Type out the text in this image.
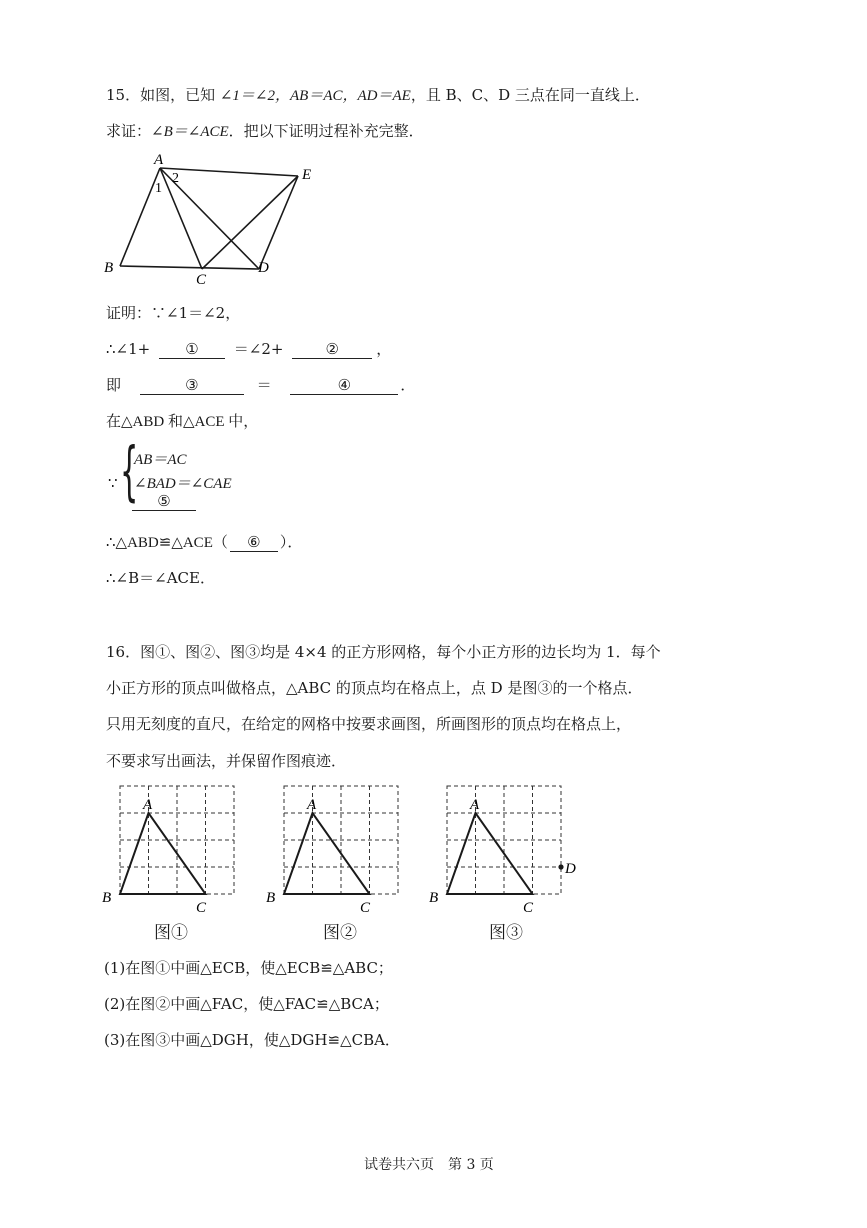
15．如图，已知 ∠1＝∠2，AB＝AC，AD＝AE，且 B、C、D 三点在同一直线上．
求证：∠B＝∠ACE．把以下证明过程补充完整．
A
B
C
D
E
1
2
证明：∵∠1＝∠2，
∴∠1+ ① ＝∠2+	② ，
即	③	＝	④	．
在△ABD 和△ACE 中，
∵ {
AB＝AC
∠BAD＝∠CAE
⑤
∴△ABD≌△ACE（ ⑥ ）．
∴∠B＝∠ACE．
16．图①、图②、图③均是 4×4 的正方形网格，每个小正方形的边长均为 1．每个
小正方形的顶点叫做格点，△ABC 的顶点均在格点上，点 D 是图③的一个格点．
只用无刻度的直尺，在给定的网格中按要求画图，所画图形的顶点均在格点上，
不要求写出画法，并保留作图痕迹．
A
B
C
图①
A
B
C
图②
A
B
C
D
图③
(1)在图①中画△ECB，使△ECB≌△ABC；
(2)在图②中画△FAC，使△FAC≌△BCA；
(3)在图③中画△DGH，使△DGH≌△CBA．
试卷共六页　第 3 页
